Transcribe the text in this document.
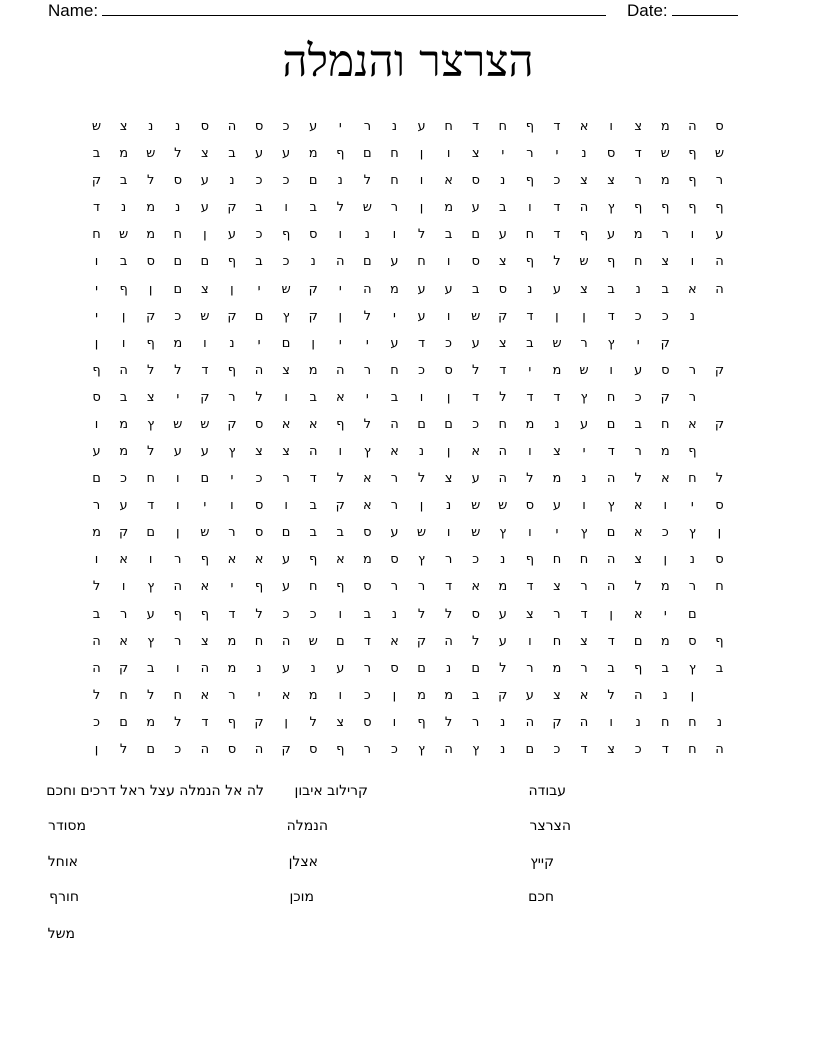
Name:	Date:
הצרצר והנמלה
ש	צ	נ	נ	ס	ה	ס	כ	ע	י	ר	נ	ע	ח	ד	ח	ף	ד	א	ו	צ	מ	ה	ס
ב	מ	ש	ל	צ	ב	ע	ע	מ	ף	ם	ח	ן	ו	צ	י	ר	י	נ	ס	ד	ש	ף	ש
ק	ב	ל	ס	ע	נ	כ	כ	ם	נ	ל	ח	ו	א	ס	נ	ף	כ	צ	צ	ר	מ	ף	ר
ד	נ	מ	נ	ע	ק	ב	ו	ב	ל	ש	ר	ן	מ	ע	ב	ו	ד	ה	ץ	ף	ף	ף	ף
ח	ש	מ	ח	ן	ע	כ	ף	ס	ו	נ	ו	ל	ב	ם	ע	ח	ד	ף	ע	מ	ר	ו	ע
ו	ב	ס	ם	ם	ף	ב	כ	נ	ה	ם	ע	ח	ו	ס	צ	ף	ל	ש	ף	ח	צ	ו	ה
י	ף	ן	ם	צ	ן	י	ש	ק	י	ה	מ	ע	ע	ב	ס	נ	ע	צ	ב	נ	ב	א	ה
י	ן	ק	כ	ש	ק	ם	ץ	ק	ן	ל	י	ע	ו	ש	ק	ד	ן	ן	ד	כ	כ	נ
ן	ו	ף	מ	ו	נ	י	ם	ן	י	י	ע	ד	כ	ע	צ	ב	ש	ר	ץ	י	ק
ף	ה	ל	ל	ד	ף	ה	צ	מ	ה	ר	ח	כ	ס	ל	ד	י	מ	ש	ו	ע	ס	ר	ק
ס	ב	צ	י	ק	ר	ל	ו	ב	א	י	ב	ו	ן	ד	ל	ד	ד	ץ	ח	כ	ק	ר
ו	מ	ץ	ש	ש	ק	ס	א	א	ף	ל	ה	ם	ם	כ	ח	מ	נ	ע	ם	ב	ח	א	ק
ע	מ	ל	ע	ע	ץ	צ	צ	ה	ו	ץ	א	נ	ן	א	ה	ו	צ	י	ד	ר	מ	ף
ם	כ	ח	ו	ם	י	כ	ר	ד	ל	א	ר	ל	צ	ע	ה	ל	מ	נ	ה	ל	א	ח	ל
ר	ע	ד	ו	י	ו	ס	ו	ב	ק	א	ר	ן	נ	ש	ש	ס	ע	ו	ץ	א	ו	י	ס
מ	ק	ם	ן	ש	ר	ס	ם	ב	ב	ס	ע	ש	ו	ש	ץ	ו	י	ץ	ם	א	כ	ץ	ן
ו	א	ו	ר	ף	א	א	ע	ף	א	מ	ס	ץ	ר	כ	נ	ף	ח	ח	ה	צ	ן	נ	ס
ל	ו	ץ	ה	א	י	ף	ע	ח	ף	ס	ר	ר	ד	א	מ	ד	צ	ר	ה	ל	מ	ר	ח
ב	ר	ע	ף	ף	ד	ל	כ	כ	ו	ב	נ	ל	ל	ס	ע	צ	ר	ד	ן	א	י	ם
ה	א	ץ	ר	צ	מ	ח	ה	ש	ם	ד	א	ק	ה	ל	ע	ו	ח	צ	ד	ם	מ	ס	ף
ה	ק	ב	ו	ה	מ	נ	ע	נ	ע	ר	ס	ם	נ	ם	ל	ר	מ	ר	ב	ף	ב	ץ	ב
ל	ח	ל	ח	א	ר	י	א	מ	ו	כ	ן	מ	מ	ב	ק	ע	צ	א	ל	ה	נ	ן
כ	ם	מ	ל	ד	ף	ק	ן	ל	צ	ס	ו	ף	ל	ר	נ	ה	ק	ה	ו	נ	ח	ח	נ
ן	ל	ם	כ	ה	ס	ה	ק	ס	ף	ר	כ	ץ	ה	ץ	נ	ם	כ	ד	צ	כ	ד	ח	ה
עבודה
קרילוב איבון
לה אל הנמלה עצל ראל דרכים וחכם
הצרצר
הנמלה
מסודר
קייץ
אצלן
אוחל
חכם
מוכן
חורף
משל
